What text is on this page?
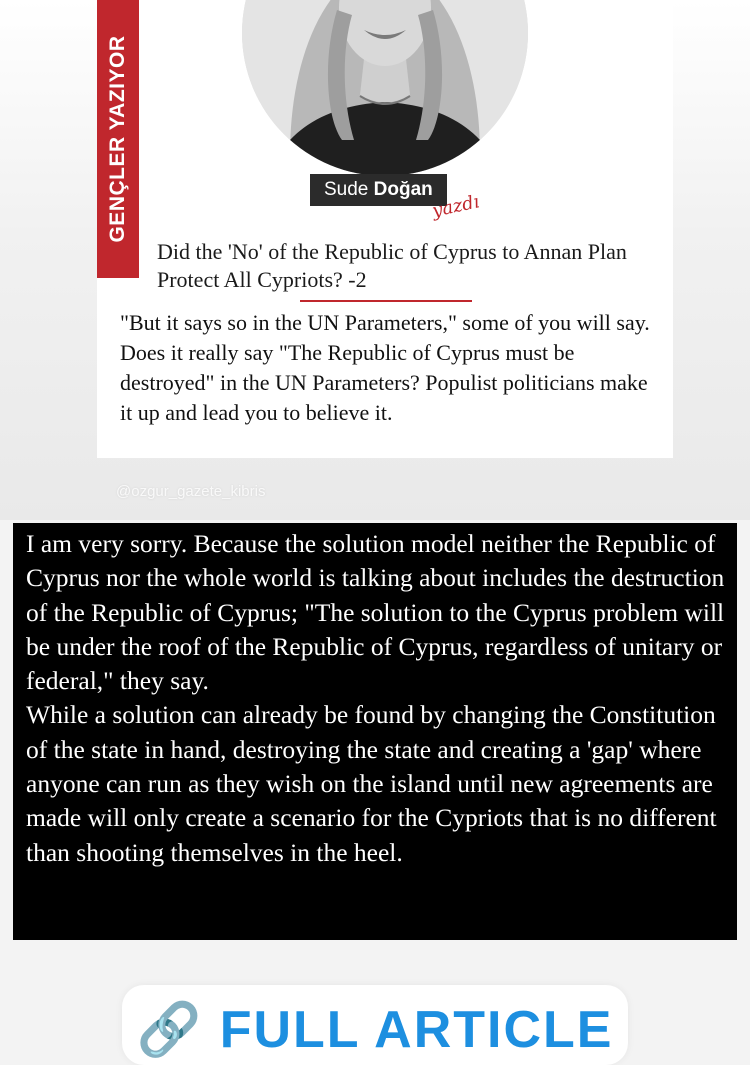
GENÇLER YAZIYOR	Sude Doğan
yazdı
Did the 'No' of the Republic of Cyprus to Annan Plan Protect All Cypriots? -2
"But it says so in the UN Parameters," some of you will say. Does it really say "The Republic of Cyprus must be destroyed" in the UN Parameters? Populist politicians make it up and lead you to believe it.
@ozgur_gazete_kibris

I am very sorry. Because the solution model neither the Republic of Cyprus nor the whole world is talking about includes the destruction of the Republic of Cyprus; "The solution to the Cyprus problem will be under the roof of the Republic of Cyprus, regardless of unitary or federal," they say.
While a solution can already be found by changing the Constitution of the state in hand, destroying the state and creating a 'gap' where anyone can run as they wish on the island until new agreements are made will only create a scenario for the Cypriots that is no different than shooting themselves in the heel.

🔗 FULL ARTICLE
